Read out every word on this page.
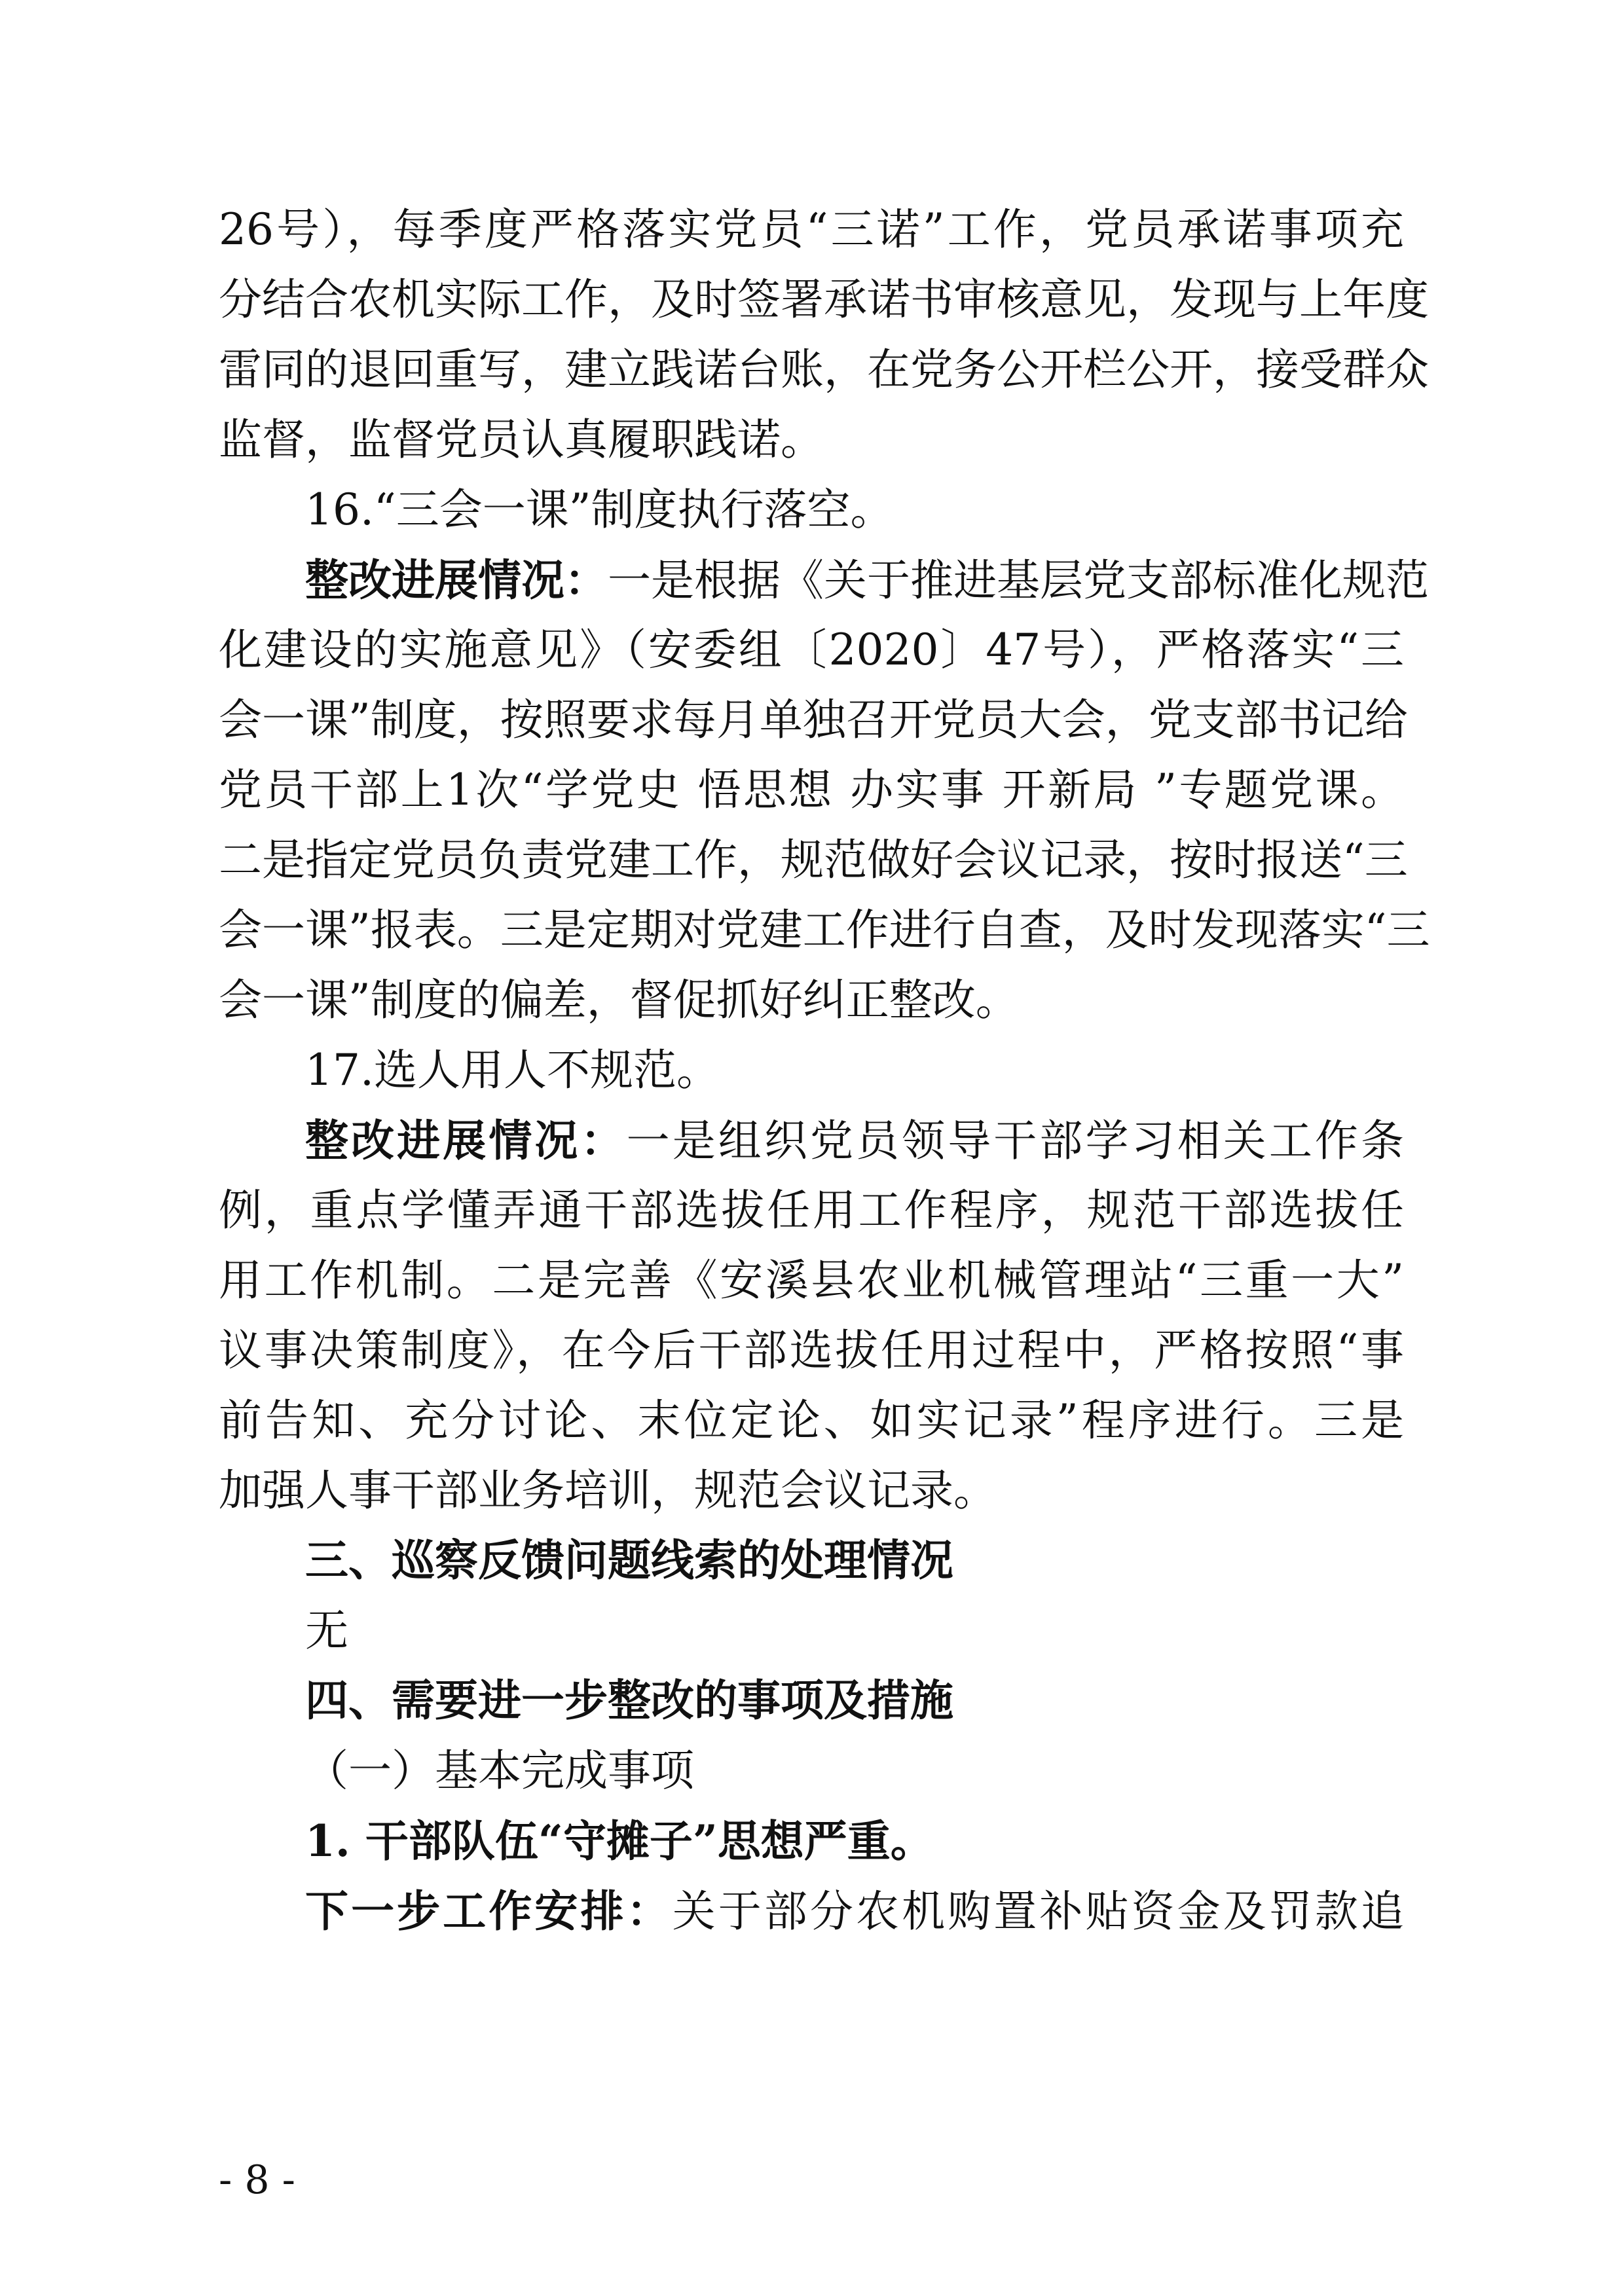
26号），每季度严格落实党员“三诺”工作，党员承诺事项充
分结合农机实际工作，及时签署承诺书审核意见，发现与上年度
雷同的退回重写，建立践诺台账，在党务公开栏公开，接受群众
监督，监督党员认真履职践诺。
16.“三会一课”制度执行落空。
整改进展情况：一是根据《关于推进基层党支部标准化规范
化建设的实施意见》（安委组〔2020〕47号），严格落实“三
会一课”制度，按照要求每月单独召开党员大会，党支部书记给
党员干部上1次“学党史 悟思想 办实事 开新局 ”专题党课。
二是指定党员负责党建工作，规范做好会议记录，按时报送“三
会一课”报表。三是定期对党建工作进行自查，及时发现落实“三
会一课”制度的偏差，督促抓好纠正整改。
17.选人用人不规范。
整改进展情况：一是组织党员领导干部学习相关工作条
例，重点学懂弄通干部选拔任用工作程序，规范干部选拔任
用工作机制。二是完善《安溪县农业机械管理站“三重一大”
议事决策制度》，在今后干部选拔任用过程中，严格按照“事
前告知、充分讨论、末位定论、如实记录”程序进行。三是
加强人事干部业务培训，规范会议记录。
三、巡察反馈问题线索的处理情况
无
四、需要进一步整改的事项及措施
（一）基本完成事项
1. 干部队伍“守摊子”思想严重。
下一步工作安排：关于部分农机购置补贴资金及罚款追
- 8 -
